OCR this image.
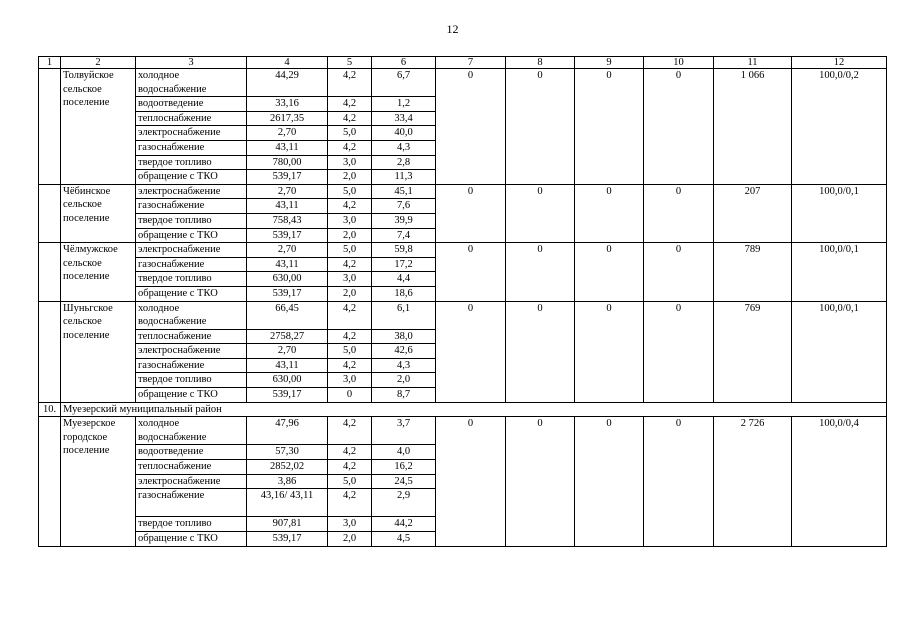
12
1	2	3	4	5	6	7	8	9	10	11	12
	Толвуйское сельское поселение	холодное водоснабжение	44,29	4,2	6,7	0	0	0	0	1 066	100,0/0,2
		водоотведение	33,16	4,2	1,2						
		теплоснабжение	2617,35	4,2	33,4						
		электроснабжение	2,70	5,0	40,0						
		газоснабжение	43,11	4,2	4,3						
		твердое топливо	780,00	3,0	2,8						
		обращение с ТКО	539,17	2,0	11,3						
	Чёбинское сельское поселение	электроснабжение	2,70	5,0	45,1	0	0	0	0	207	100,0/0,1
		газоснабжение	43,11	4,2	7,6						
		твердое топливо	758,43	3,0	39,9						
		обращение с ТКО	539,17	2,0	7,4						
	Чёлмужское сельское поселение	электроснабжение	2,70	5,0	59,8	0	0	0	0	789	100,0/0,1
		газоснабжение	43,11	4,2	17,2						
		твердое топливо	630,00	3,0	4,4						
		обращение с ТКО	539,17	2,0	18,6						
	Шуньгское сельское поселение	холодное водоснабжение	66,45	4,2	6,1	0	0	0	0	769	100,0/0,1
		теплоснабжение	2758,27	4,2	38,0						
		электроснабжение	2,70	5,0	42,6						
		газоснабжение	43,11	4,2	4,3						
		твердое топливо	630,00	3,0	2,0						
		обращение с ТКО	539,17	0	8,7						
10.	Муезерский муниципальный район										
	Муезерское городское поселение	холодное водоснабжение	47,96	4,2	3,7	0	0	0	0	2 726	100,0/0,4
		водоотведение	57,30	4,2	4,0						
		теплоснабжение	2852,02	4,2	16,2						
		электроснабжение	3,86	5,0	24,5						
		газоснабжение	43,16/ 43,11	4,2	2,9						
		твердое топливо	907,81	3,0	44,2						
		обращение с ТКО	539,17	2,0	4,5						
